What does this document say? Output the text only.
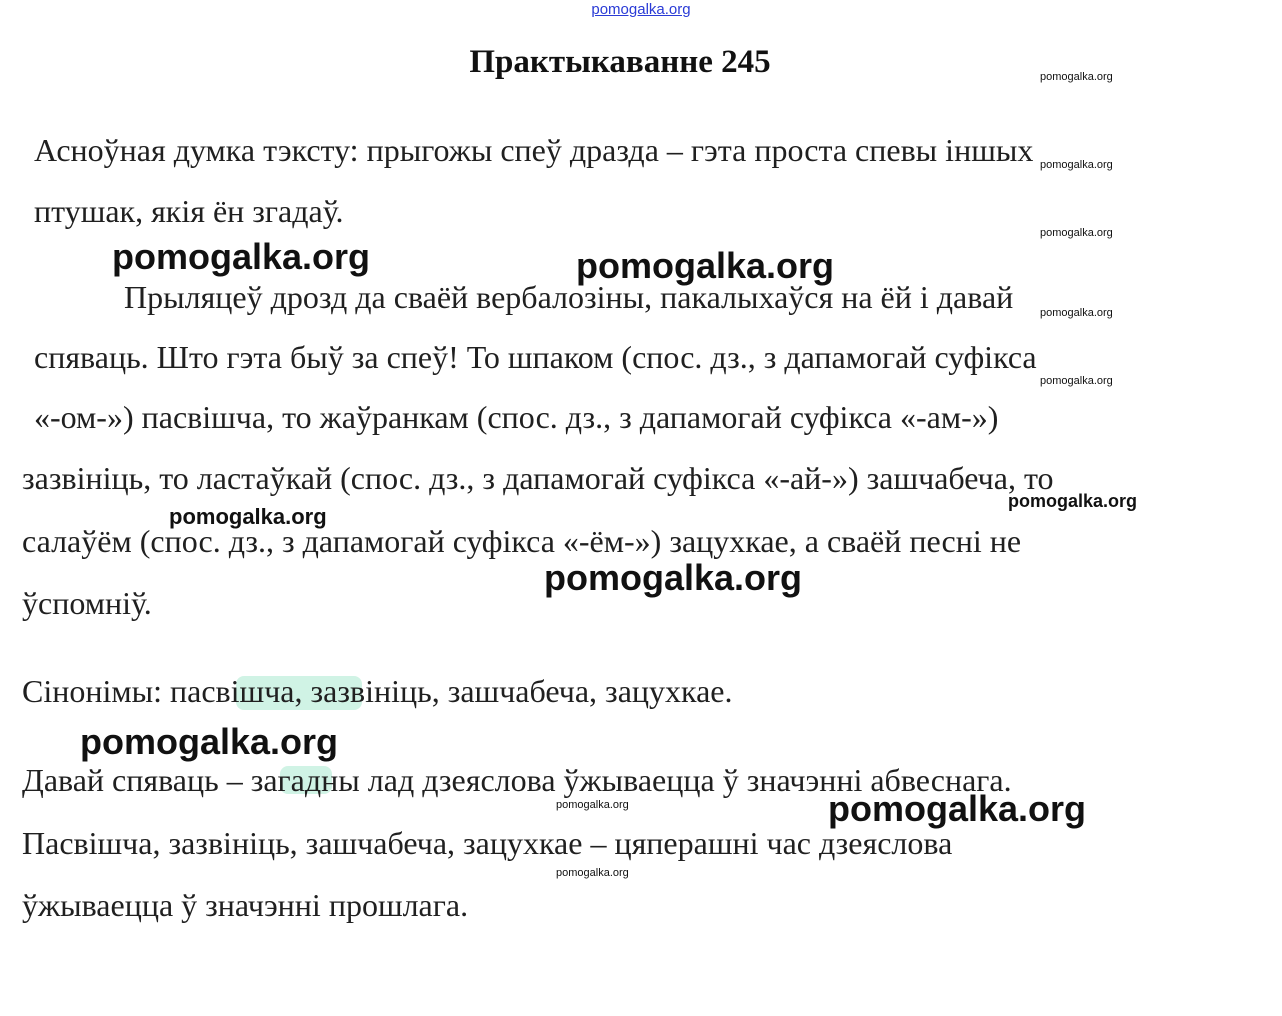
pomogalka.org
Практыкаванне 245
Асноўная думка тэксту: прыгожы спеў дразда – гэта проста спевы іншых
птушак, якія ён згадаў.
Прыляцеў дрозд да сваёй вербалозіны, пакалыхаўся на ёй і давай
спяваць. Што гэта быў за спеў! То шпаком (спос. дз., з дапамогай суфікса
«-ом-») пасвішча, то жаўранкам (спос. дз., з дапамогай суфікса «-ам-»)
зазвініць, то ластаўкай (спос. дз., з дапамогай суфікса «-ай-») зашчабеча, то
салаўём (спос. дз., з дапамогай суфікса «-ём-») зацухкае, а сваёй песні не
ўспомніў.
Сінонімы: пасвішча, зазвініць, зашчабеча, зацухкае.
Давай спяваць – загадны лад дзеяслова ўжываецца ў значэнні абвеснага.
Пасвішча, зазвініць, зашчабеча, зацухкае – цяперашні час дзеяслова
ўжываецца ў значэнні прошлага.
pomogalka.org
pomogalka.org
pomogalka.org
pomogalka.org
pomogalka.org
pomogalka.org
pomogalka.org
pomogalka.org
pomogalka.org
pomogalka.org	pomogalka.org
pomogalka.org
pomogalka.org
pomogalka.org
